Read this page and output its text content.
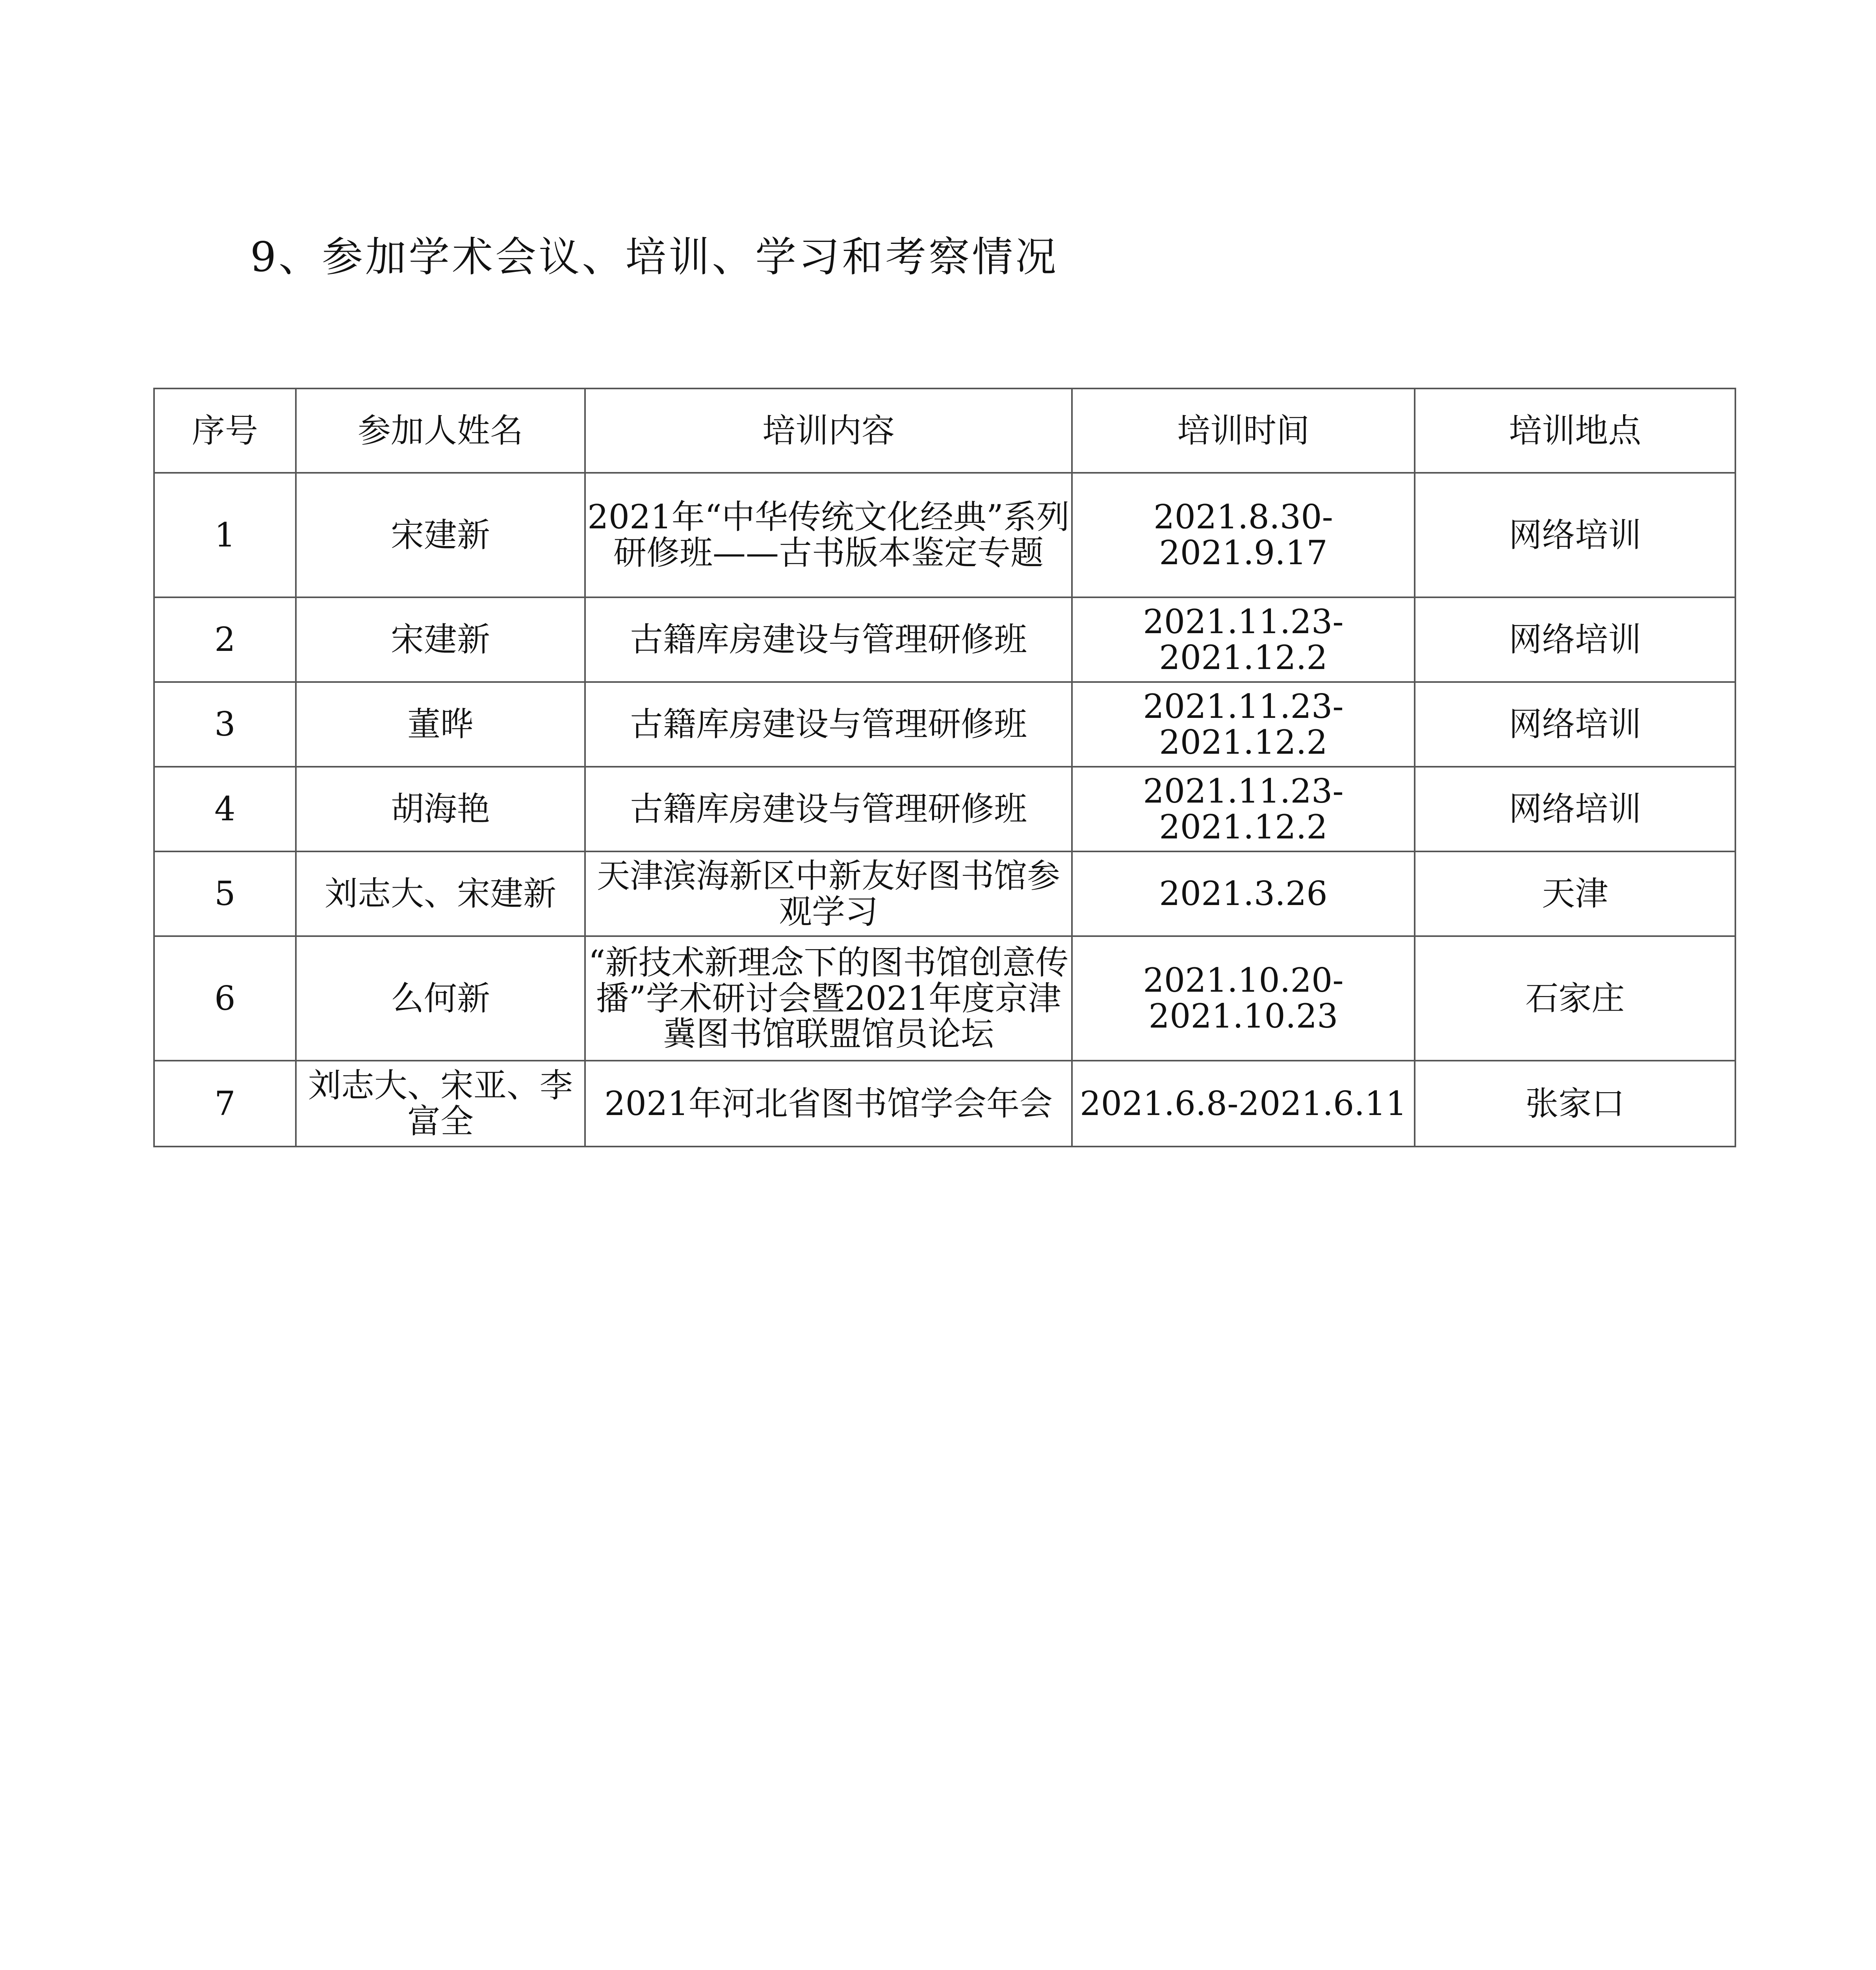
9、参加学术会议、培训、学习和考察情况
序号	参加人姓名	培训内容	培训时间	培训地点
1	宋建新	2021年“中华传统文化经典”系列研修班——古书版本鉴定专题	2021.8.30-2021.9.17	网络培训
2	宋建新	古籍库房建设与管理研修班	2021.11.23-2021.12.2	网络培训
3	董晔	古籍库房建设与管理研修班	2021.11.23-2021.12.2	网络培训
4	胡海艳	古籍库房建设与管理研修班	2021.11.23-2021.12.2	网络培训
5	刘志大、宋建新	天津滨海新区中新友好图书馆参观学习	2021.3.26	天津
6	么何新	“新技术新理念下的图书馆创意传播”学术研讨会暨2021年度京津冀图书馆联盟馆员论坛	2021.10.20-2021.10.23	石家庄
7	刘志大、宋亚、李富全	2021年河北省图书馆学会年会	2021.6.8-2021.6.11	张家口
